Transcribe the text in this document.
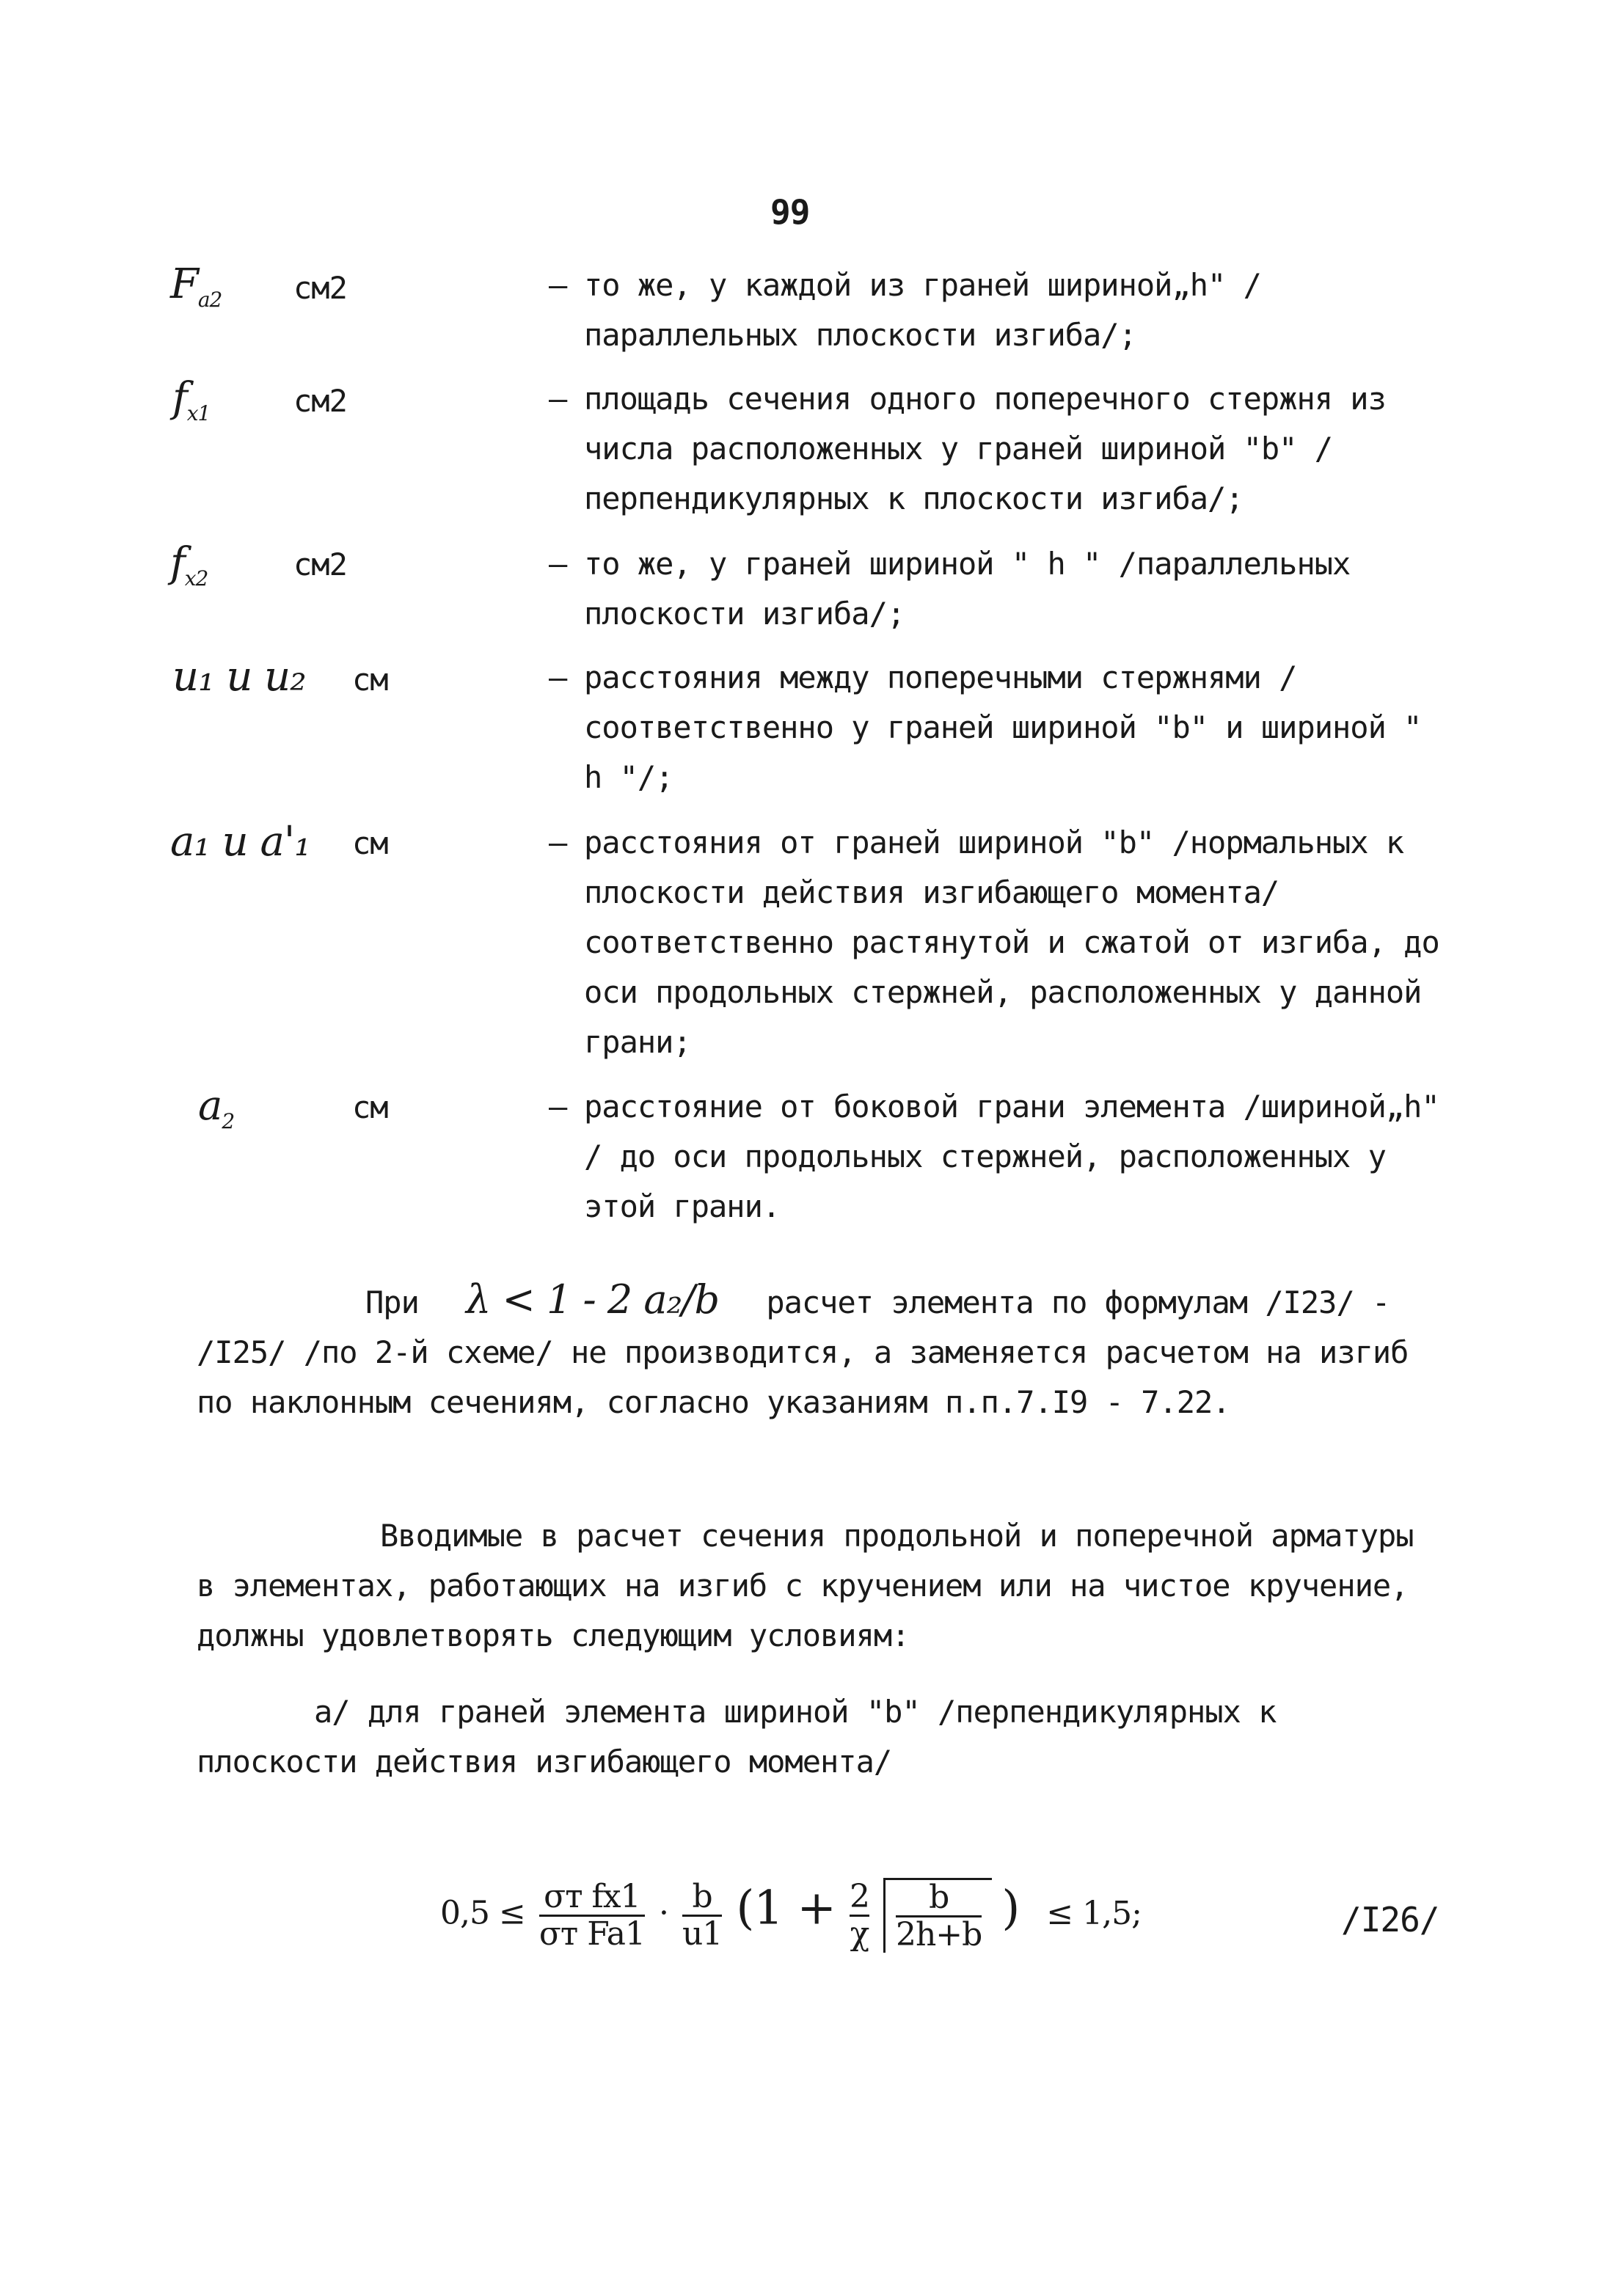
99
$F_{a2}$ см2	– то же, у каждой из граней шириной„h" /параллельных плоскости изгиба/;
$f_{x1}$	см2	– площадь сечения одного поперечного стержня из числа расположенных у граней шириной "b" /перпендикулярных к плоскости изгиба/;
$f_{x2}$	см2	– то же, у граней шириной " h " /параллельных плоскости изгиба/;
u₁ и u₂ см	– расстояния между поперечными стержнями /соответственно у граней шириной "b" и шириной " h "/;
a₁ и a'₁ см	– расстояния от граней шириной "b" /нормальных к плоскости действия изгибающего момента/ соответственно растянутой и сжатой от изгиба, до оси продольных стержней, расположенных у данной грани;
$a_2$	см	– расстояние от боковой грани элемента /шириной„h" / до оси продольных стержней, расположенных у этой грани.
При λ < 1 - 2 a₂/b расчет элемента по формулам /I23/ - /I25/ /по 2-й схеме/ не производится, а заменяется расчетом на изгиб по наклонным сечениям, согласно указаниям п.п.7.I9 - 7.22.
Вводимые в расчет сечения продольной и поперечной арматуры в элементах, работающих на изгиб с кручением или на чистое кручение, должны удовлетворять следующим условиям:
а/ для граней элемента шириной "b" /перпендикулярных к плоскости действия изгибающего момента/
$0,5 \le \frac{\text{σт fx1}}{\text{σт Fa1}} \cdot \frac{b}{u1} (1 + \frac{2}{\chi}$
$\frac{b}{2h+b}$ ) ≤ 1,5;	/I26/
